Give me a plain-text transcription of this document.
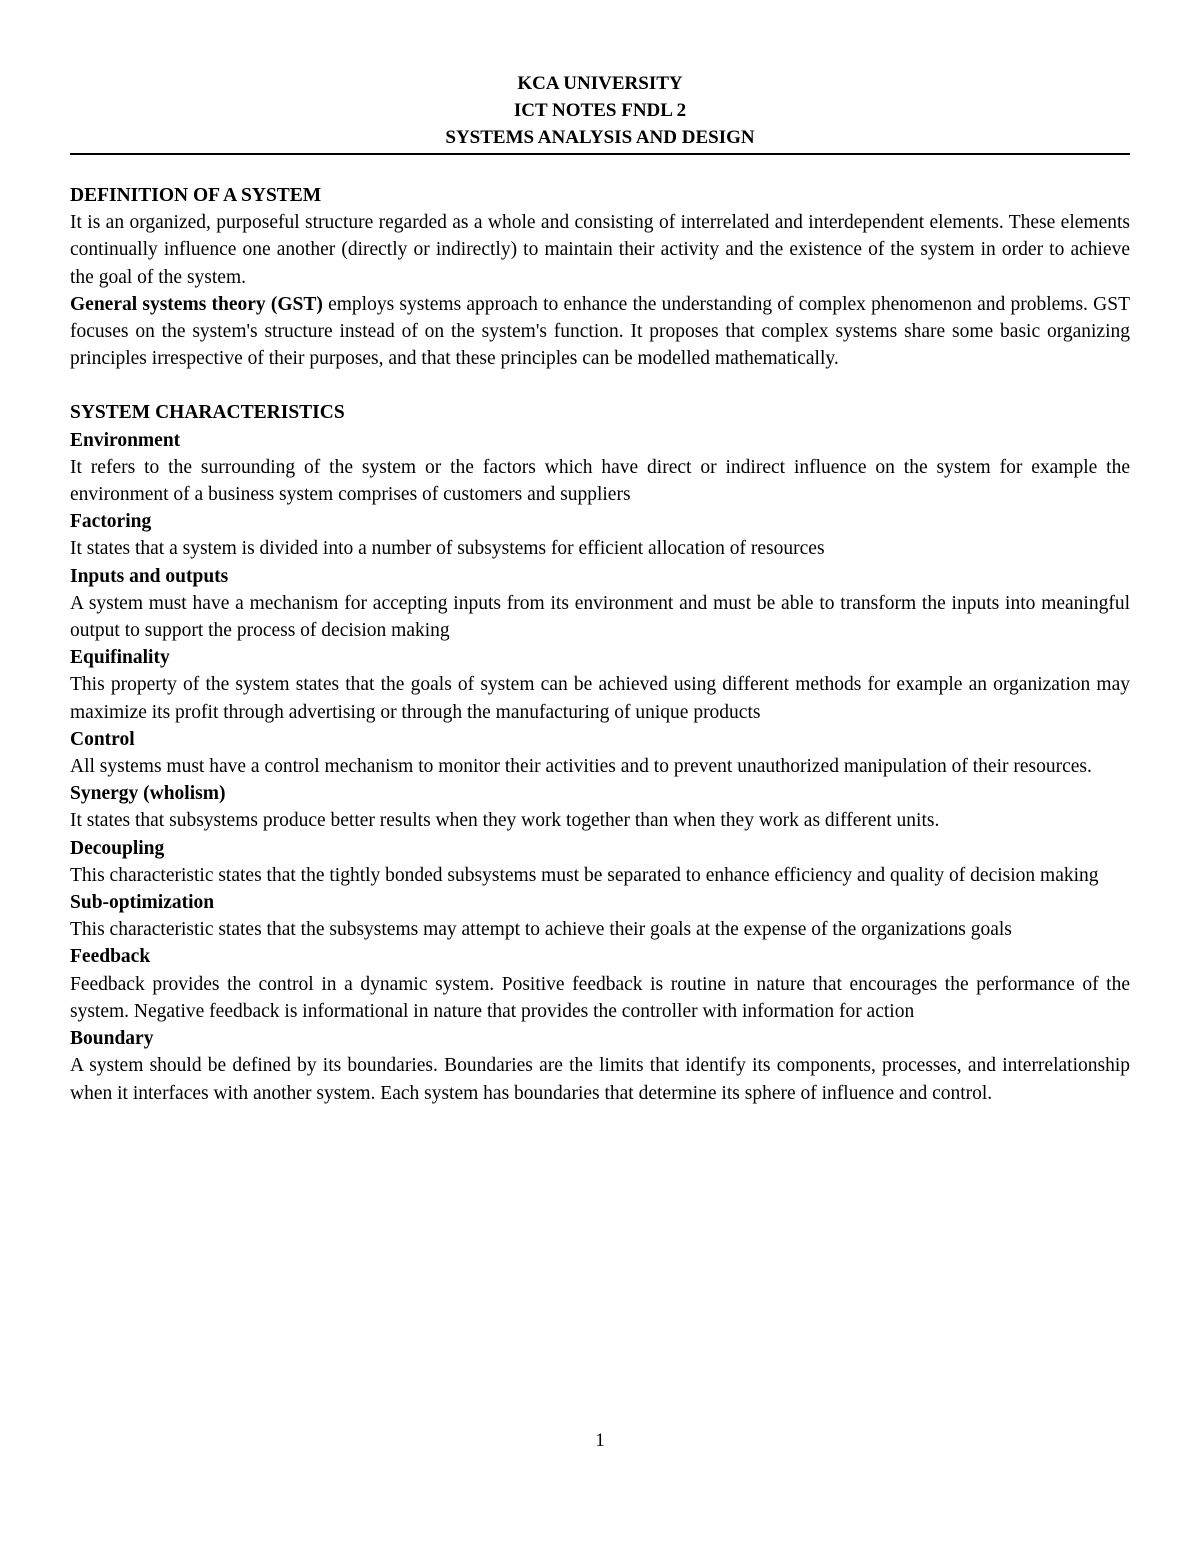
KCA UNIVERSITY
ICT NOTES FNDL 2
SYSTEMS ANALYSIS AND DESIGN
DEFINITION OF A SYSTEM

It is an organized, purposeful structure regarded as a whole and consisting of interrelated and interdependent elements. These elements continually influence one another (directly or indirectly) to maintain their activity and the existence of the system in order to achieve the goal of the system.

General systems theory (GST) employs systems approach to enhance the understanding of complex phenomenon and problems. GST focuses on the system's structure instead of on the system's function. It proposes that complex systems share some basic organizing principles irrespective of their purposes, and that these principles can be modelled mathematically.

SYSTEM CHARACTERISTICS
Environment

It refers to the surrounding of the system or the factors which have direct or indirect influence on the system for example the environment of a business system comprises of customers and suppliers

Factoring

It states that a system is divided into a number of subsystems for efficient allocation of resources

Inputs and outputs

A system must have a mechanism for accepting inputs from its environment and must be able to transform the inputs into meaningful output to support the process of decision making

Equifinality

This property of the system states that the goals of system can be achieved using different methods for example an organization may maximize its profit through advertising or through the manufacturing of unique products

Control

All systems must have a control mechanism to monitor their activities and to prevent unauthorized manipulation of their resources.

Synergy (wholism)

It states that subsystems produce better results when they work together than when they work as different units.

Decoupling

This characteristic states that the tightly bonded subsystems must be separated to enhance efficiency and quality of decision making

Sub-optimization

This characteristic states that the subsystems may attempt to achieve their goals at the expense of the organizations goals

Feedback

Feedback provides the control in a dynamic system. Positive feedback is routine in nature that encourages the performance of the system. Negative feedback is informational in nature that provides the controller with information for action

Boundary

A system should be defined by its boundaries. Boundaries are the limits that identify its components, processes, and interrelationship when it interfaces with another system. Each system has boundaries that determine its sphere of influence and control.

1
